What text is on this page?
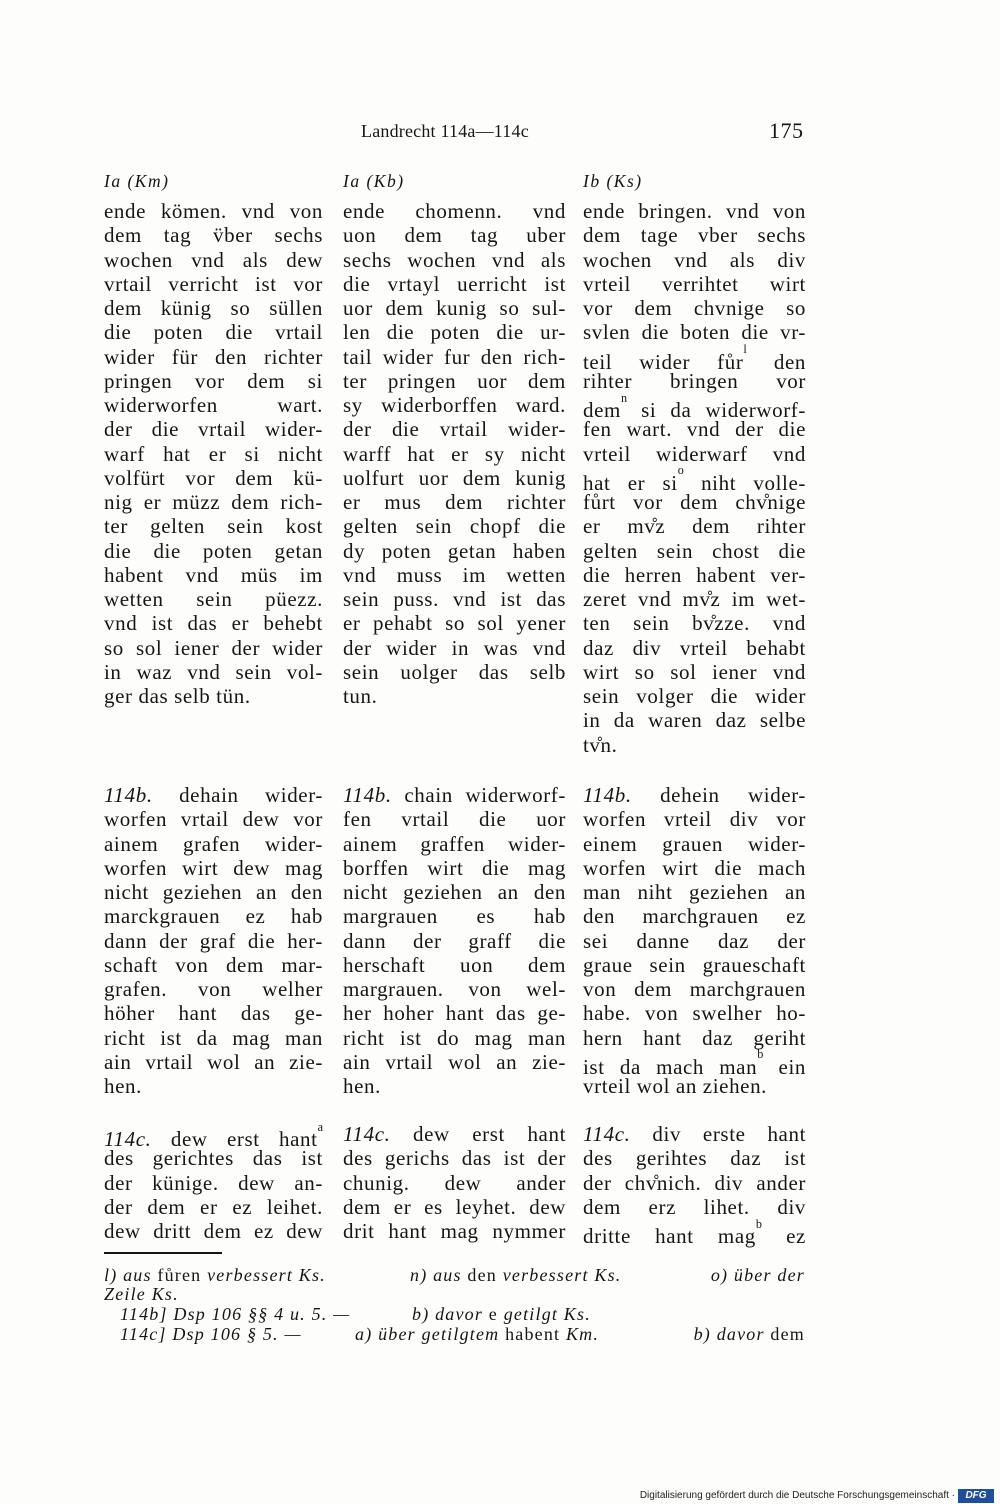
Landrecht 114a—114c	175
Ia (Km)
ende kömen. vnd von
dem tag v̈ber sechs
wochen vnd als dew
vrtail verricht ist vor
dem künig so süllen
die poten die vrtail
wider für den richter
pringen vor dem si
widerworfen wart.
der die vrtail wider-
warf hat er si nicht
volfürt vor dem kü-
nig er müzz dem rich-
ter gelten sein kost
die die poten getan
habent vnd müs im
wetten sein püezz.
vnd ist das er behebt
so sol iener der wider
in waz vnd sein vol-
ger das selb tün.
114b. dehain wider-
worfen vrtail dew vor
ainem grafen wider-
worfen wirt dew mag
nicht geziehen an den
marckgrauen ez hab
dann der graf die her-
schaft von dem mar-
grafen. von welher
höher hant das ge-
richt ist da mag man
ain vrtail wol an zie-
hen.
114c. dew erst hant$^a$
des gerichtes das ist
der künige. dew an-
der dem er ez leihet.
dew dritt dem ez dew
Ia (Kb)
ende chomenn. vnd
uon dem tag uber
sechs wochen vnd als
die vrtayl uerricht ist
uor dem kunig so sul-
len die poten die ur-
tail wider fur den rich-
ter pringen uor dem
sy widerborffen ward.
der die vrtail wider-
warff hat er sy nicht
uolfurt uor dem kunig
er mus dem richter
gelten sein chopf die
dy poten getan haben
vnd muss im wetten
sein puss. vnd ist das
er pehabt so sol yener
der wider in was vnd
sein uolger das selb
tun.
114b. chain widerworf-
fen vrtail die uor
ainem graffen wider-
borffen wirt die mag
nicht geziehen an den
margrauen es hab
dann der graff die
herschaft uon dem
margrauen. von wel-
her hoher hant das ge-
richt ist do mag man
ain vrtail wol an zie-
hen.
114c. dew erst hant
des gerichs das ist der
chunig. dew ander
dem er es leyhet. dew
drit hant mag nymmer
Ib (Ks)
ende bringen. vnd von
dem tage vber sechs
wochen vnd als div
vrteil verrihtet wirt
vor dem chvnige so
svlen die boten die vr-
teil wider fůr$^l$ den
rihter bringen vor
dem$^n$ si da widerworf-
fen wart. vnd der die
vrteil widerwarf vnd
hat er $si^o$ niht volle-
fůrt vor dem chv̊nige
er mv̊z dem rihter
gelten sein chost die
die herren habent ver-
zeret vnd mv̊z im wet-
ten sein bv̊zze. vnd
daz div vrteil behabt
wirt so sol iener vnd
sein volger die wider
in da waren daz selbe
tv̊n.
114b. dehein wider-
worfen vrteil div vor
einem grauen wider-
worfen wirt die mach
man niht geziehen an
den marchgrauen ez
sei danne daz der
graue sein graueschaft
von dem marchgrauen
habe. von swelher ho-
hern hant daz geriht
ist da mach man$^b$ ein
vrteil wol an ziehen.
114c. div erste hant
des gerihtes daz ist
der chv̊nich. div ander
dem erz lihet. div
dritte hant mag$^b$ ez
l) aus fůren verbessert Ks.	n) aus den verbessert Ks.	o) über der
Zeile Ks.
114b] Dsp 106 §§ 4 u. 5. —	b) davor e getilgt Ks.
114c] Dsp 106 § 5. —	a) über getilgtem habent Km.	b) davor dem
Digitalisierung gefördert durch die Deutsche Forschungsgemeinschaft ·	DFG
